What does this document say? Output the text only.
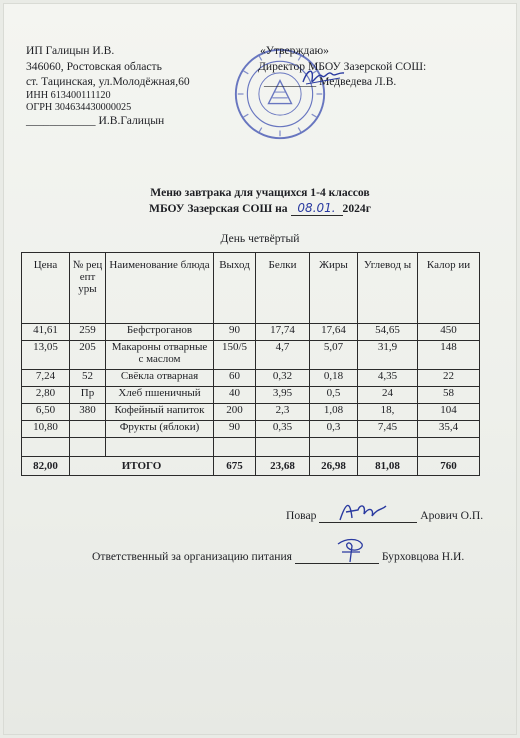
ИП Галицын И.В.
346060, Ростовская область
ст. Тацинская, ул.Молодёжная,60
ИНН 613400111120
ОГРН 304634430000025
____________ И.В.Галицын
«Утверждаю»
Директор МБОУ Зазерской СОШ:
_________ Медведева Л.В.
Меню завтрака для учащихся 1-4 классов
МБОУ Зазерская СОШ на 08.01. 2024г
День четвёртый
Цена	№ рец епт уры	Наименование блюда	Выход	Белки	Жиры	Углевод ы	Калор ии
41,61	259	Бефстроганов	90	17,74	17,64	54,65	450
13,05	205	Макароны отварные с маслом	150/5	4,7	5,07	31,9	148
7,24	52	Свёкла отварная	60	0,32	0,18	4,35	22
2,80	Пр	Хлеб пшеничный	40	3,95	0,5	24	58
6,50	380	Кофейный напиток	200	2,3	1,08	18,	104
10,80		Фрукты (яблоки)	90	0,35	0,3	7,45	35,4

82,00	ИТОГО		675	23,68	26,98	81,08	760
Повар	Арович О.П.
Ответственный за организацию питания	Бурховцова Н.И.
